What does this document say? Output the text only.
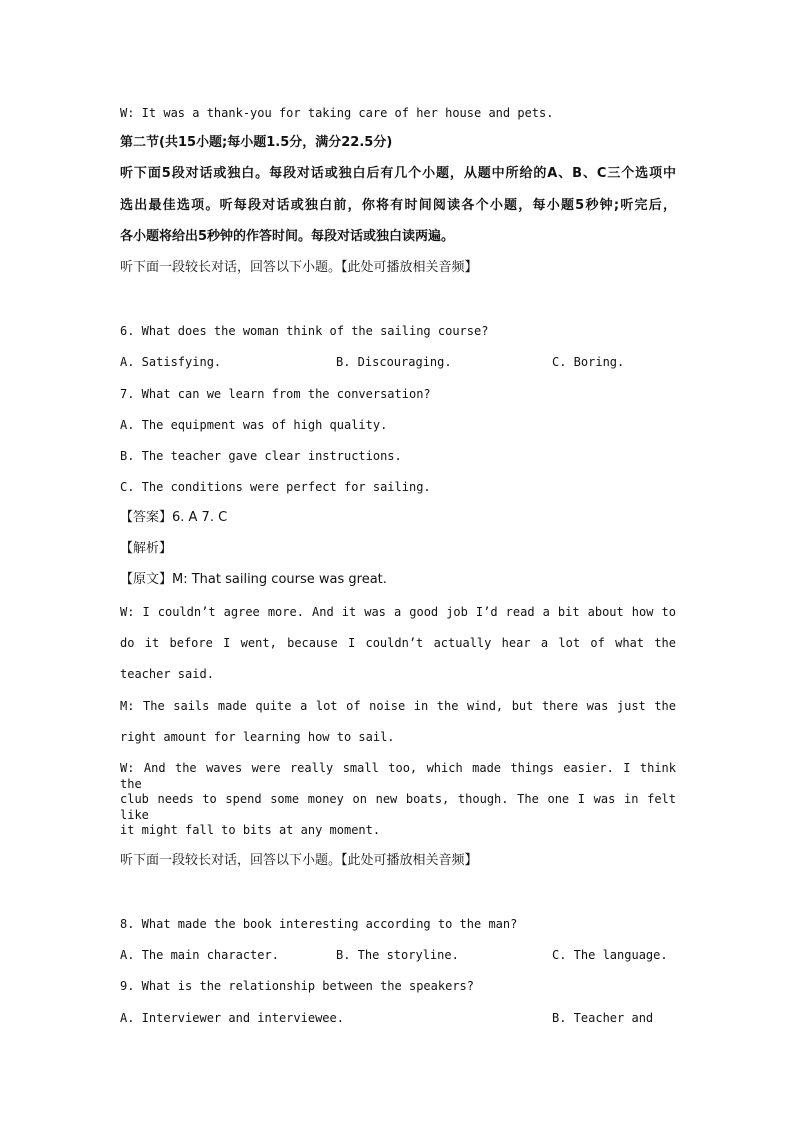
W: It was a thank-you for taking care of her house and pets.
第二节(共15小题;每小题1.5分，满分22.5分)
听下面5段对话或独白。每段对话或独白后有几个小题，从题中所给的A、B、C三个选项中
选出最佳选项。听每段对话或独白前，你将有时间阅读各个小题，每小题5秒钟;听完后，
各小题将给出5秒钟的作答时间。每段对话或独白读两遍。
听下面一段较长对话，回答以下小题。【此处可播放相关音频】
6. What does the woman think of the sailing course?
A. Satisfying.	B. Discouraging.	C. Boring.
7. What can we learn from the conversation?
A. The equipment was of high quality.
B. The teacher gave clear instructions.
C. The conditions were perfect for sailing.
【答案】6. A 7. C
【解析】
【原文】M: That sailing course was great.
W: I couldn’t agree more. And it was a good job I’d read a bit about how to
do it before I went, because I couldn’t actually hear a lot of what the
teacher said.
M: The sails made quite a lot of noise in the wind, but there was just the
right amount for learning how to sail.
W: And the waves were really small too, which made things easier. I think the
club needs to spend some money on new boats, though. The one I was in felt like
it might fall to bits at any moment.
听下面一段较长对话，回答以下小题。【此处可播放相关音频】
8. What made the book interesting according to the man?
A. The main character.	B. The storyline.	C. The language.
9. What is the relationship between the speakers?
A. Interviewer and interviewee.	B. Teacher and
